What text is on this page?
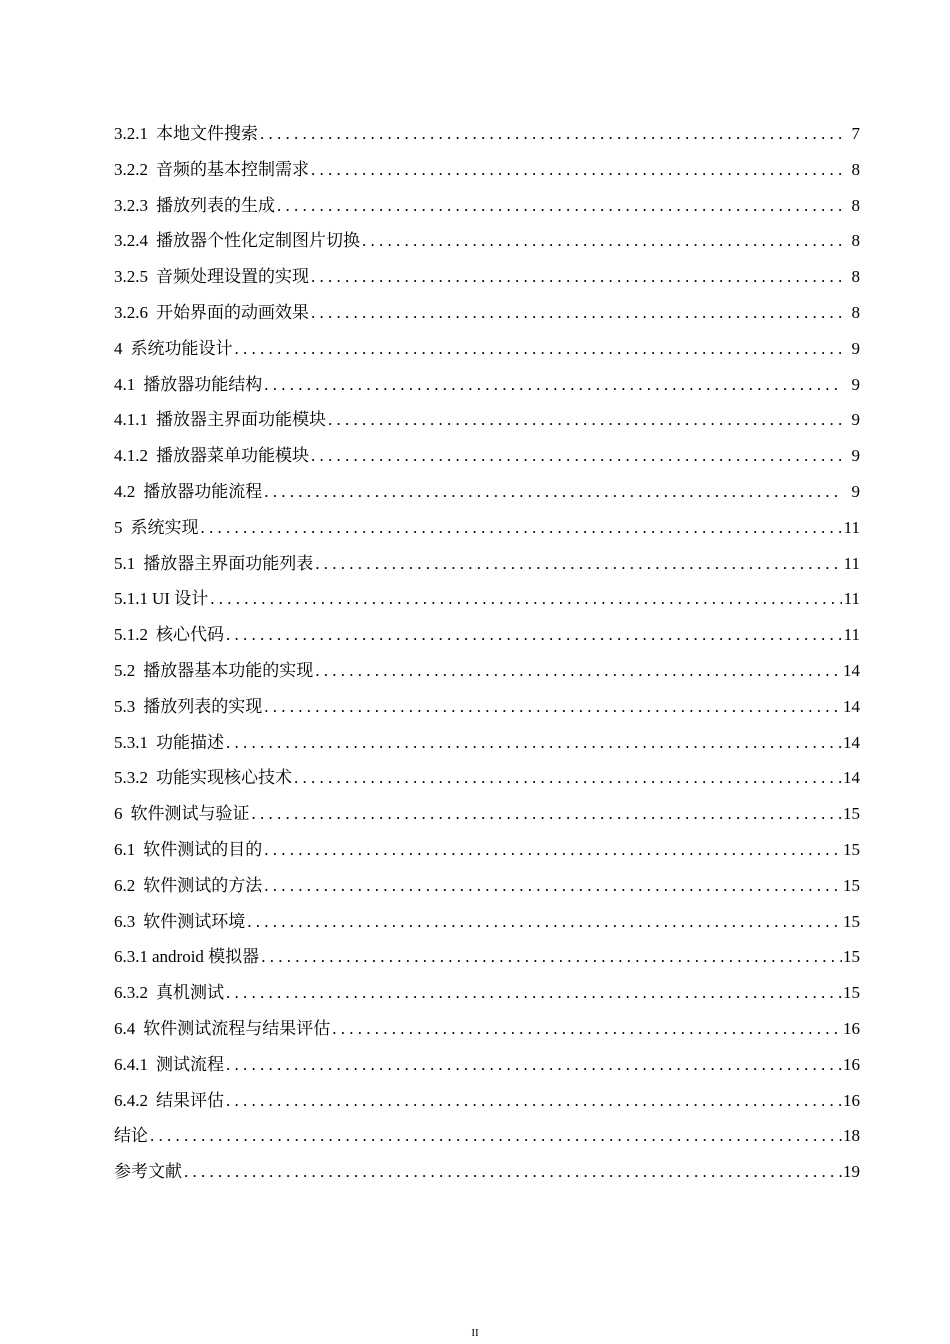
3.2.1 本地文件搜索 . . .	7
3.2.2 音频的基本控制需求 . . .	8
3.2.3 播放列表的生成 . . .	8
3.2.4 播放器个性化定制图片切换 . . .	8
3.2.5 音频处理设置的实现 . . .	8
3.2.6 开始界面的动画效果 . . .	8
4 系统功能设计 . . .	9
4.1 播放器功能结构 . . .	9
4.1.1 播放器主界面功能模块 . . .	9
4.1.2 播放器菜单功能模块 . . .	9
4.2 播放器功能流程 . . .	9
5 系统实现 . . .	11
5.1 播放器主界面功能列表 . . .	11
5.1.1 UI 设计 . . .	11
5.1.2 核心代码 . . .	11
5.2 播放器基本功能的实现 . . .	14
5.3 播放列表的实现 . . .	14
5.3.1 功能描述 . . .	14
5.3.2 功能实现核心技术 . . .	14
6 软件测试与验证 . . .	15
6.1 软件测试的目的 . . .	15
6.2 软件测试的方法 . . .	15
6.3 软件测试环境 . . .	15
6.3.1 android 模拟器 . . .	15
6.3.2 真机测试 . . .	15
6.4 软件测试流程与结果评估 . . .	16
6.4.1 测试流程 . . .	16
6.4.2 结果评估 . . .	16
结论 . . .	18
参考文献 . . .	19
II
